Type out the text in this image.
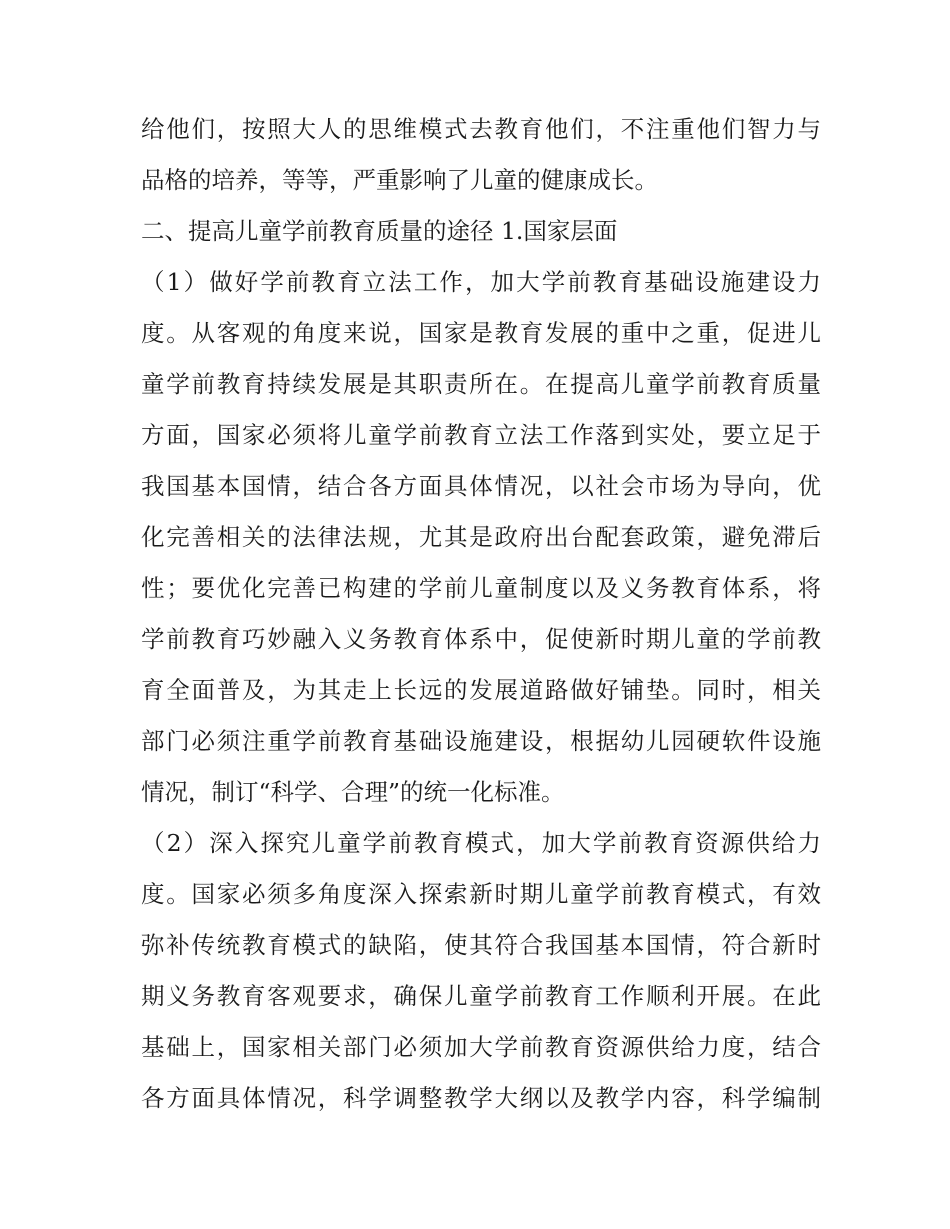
给他们，按照大人的思维模式去教育他们，不注重他们智力与
品格的培养，等等，严重影响了儿童的健康成长。
二、提高儿童学前教育质量的途径 1.国家层面
（1）做好学前教育立法工作，加大学前教育基础设施建设力
度。从客观的角度来说，国家是教育发展的重中之重，促进儿
童学前教育持续发展是其职责所在。在提高儿童学前教育质量
方面，国家必须将儿童学前教育立法工作落到实处，要立足于
我国基本国情，结合各方面具体情况，以社会市场为导向，优
化完善相关的法律法规，尤其是政府出台配套政策，避免滞后
性；要优化完善已构建的学前儿童制度以及义务教育体系，将
学前教育巧妙融入义务教育体系中，促使新时期儿童的学前教
育全面普及，为其走上长远的发展道路做好铺垫。同时，相关
部门必须注重学前教育基础设施建设，根据幼儿园硬软件设施
情况，制订“科学、合理”的统一化标准。
（2）深入探究儿童学前教育模式，加大学前教育资源供给力
度。国家必须多角度深入探索新时期儿童学前教育模式，有效
弥补传统教育模式的缺陷，使其符合我国基本国情，符合新时
期义务教育客观要求，确保儿童学前教育工作顺利开展。在此
基础上，国家相关部门必须加大学前教育资源供给力度，结合
各方面具体情况，科学调整教学大纲以及教学内容，科学编制
